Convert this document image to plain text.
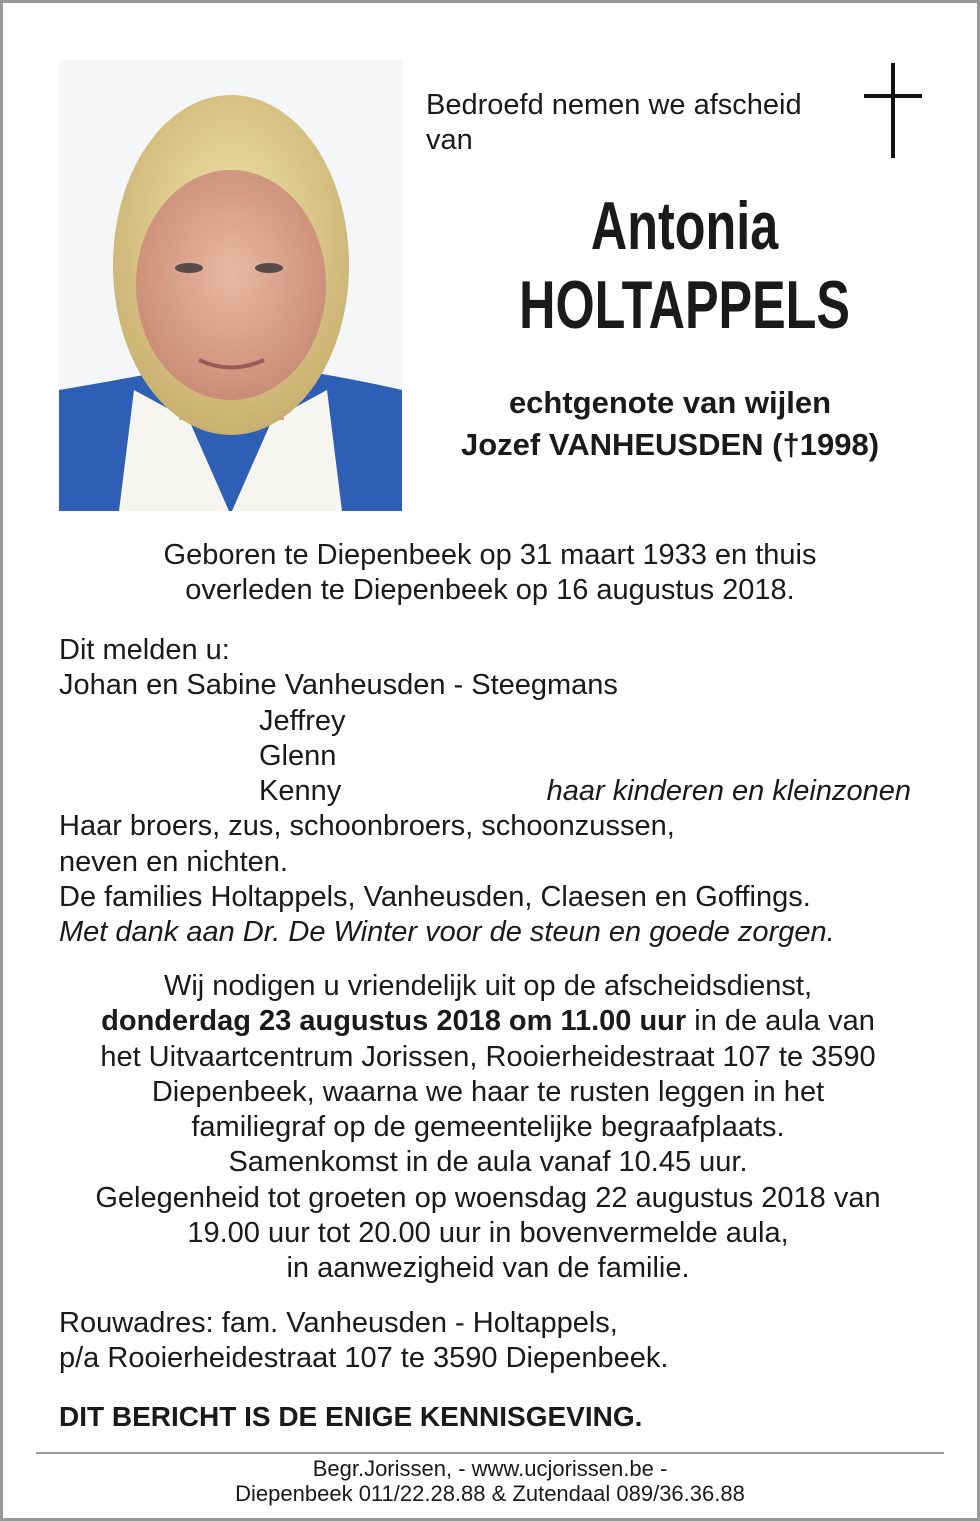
Bedroefd nemen we afscheid
van
Antonia
HOLTAPPELS
echtgenote van wijlen
Jozef VANHEUSDEN (†1998)
Geboren te Diepenbeek op 31 maart 1933 en thuis
overleden te Diepenbeek op 16 augustus 2018.
Dit melden u:
Johan en Sabine Vanheusden - Steegmans
Jeffrey
Glenn
Kenny	haar kinderen en kleinzonen
Haar broers, zus, schoonbroers, schoonzussen,
neven en nichten.
De families Holtappels, Vanheusden, Claesen en Goffings.
Met dank aan Dr. De Winter voor de steun en goede zorgen.
Wij nodigen u vriendelijk uit op de afscheidsdienst,
donderdag 23 augustus 2018 om 11.00 uur in de aula van
het Uitvaartcentrum Jorissen, Rooierheidestraat 107 te 3590
Diepenbeek, waarna we haar te rusten leggen in het
familiegraf op de gemeentelijke begraafplaats.
Samenkomst in de aula vanaf 10.45 uur.
Gelegenheid tot groeten op woensdag 22 augustus 2018 van
19.00 uur tot 20.00 uur in bovenvermelde aula,
in aanwezigheid van de familie.
Rouwadres: fam. Vanheusden - Holtappels,
p/a Rooierheidestraat 107 te 3590 Diepenbeek.
DIT BERICHT IS DE ENIGE KENNISGEVING.
Begr.Jorissen, - www.ucjorissen.be -
Diepenbeek 011/22.28.88 & Zutendaal 089/36.36.88
